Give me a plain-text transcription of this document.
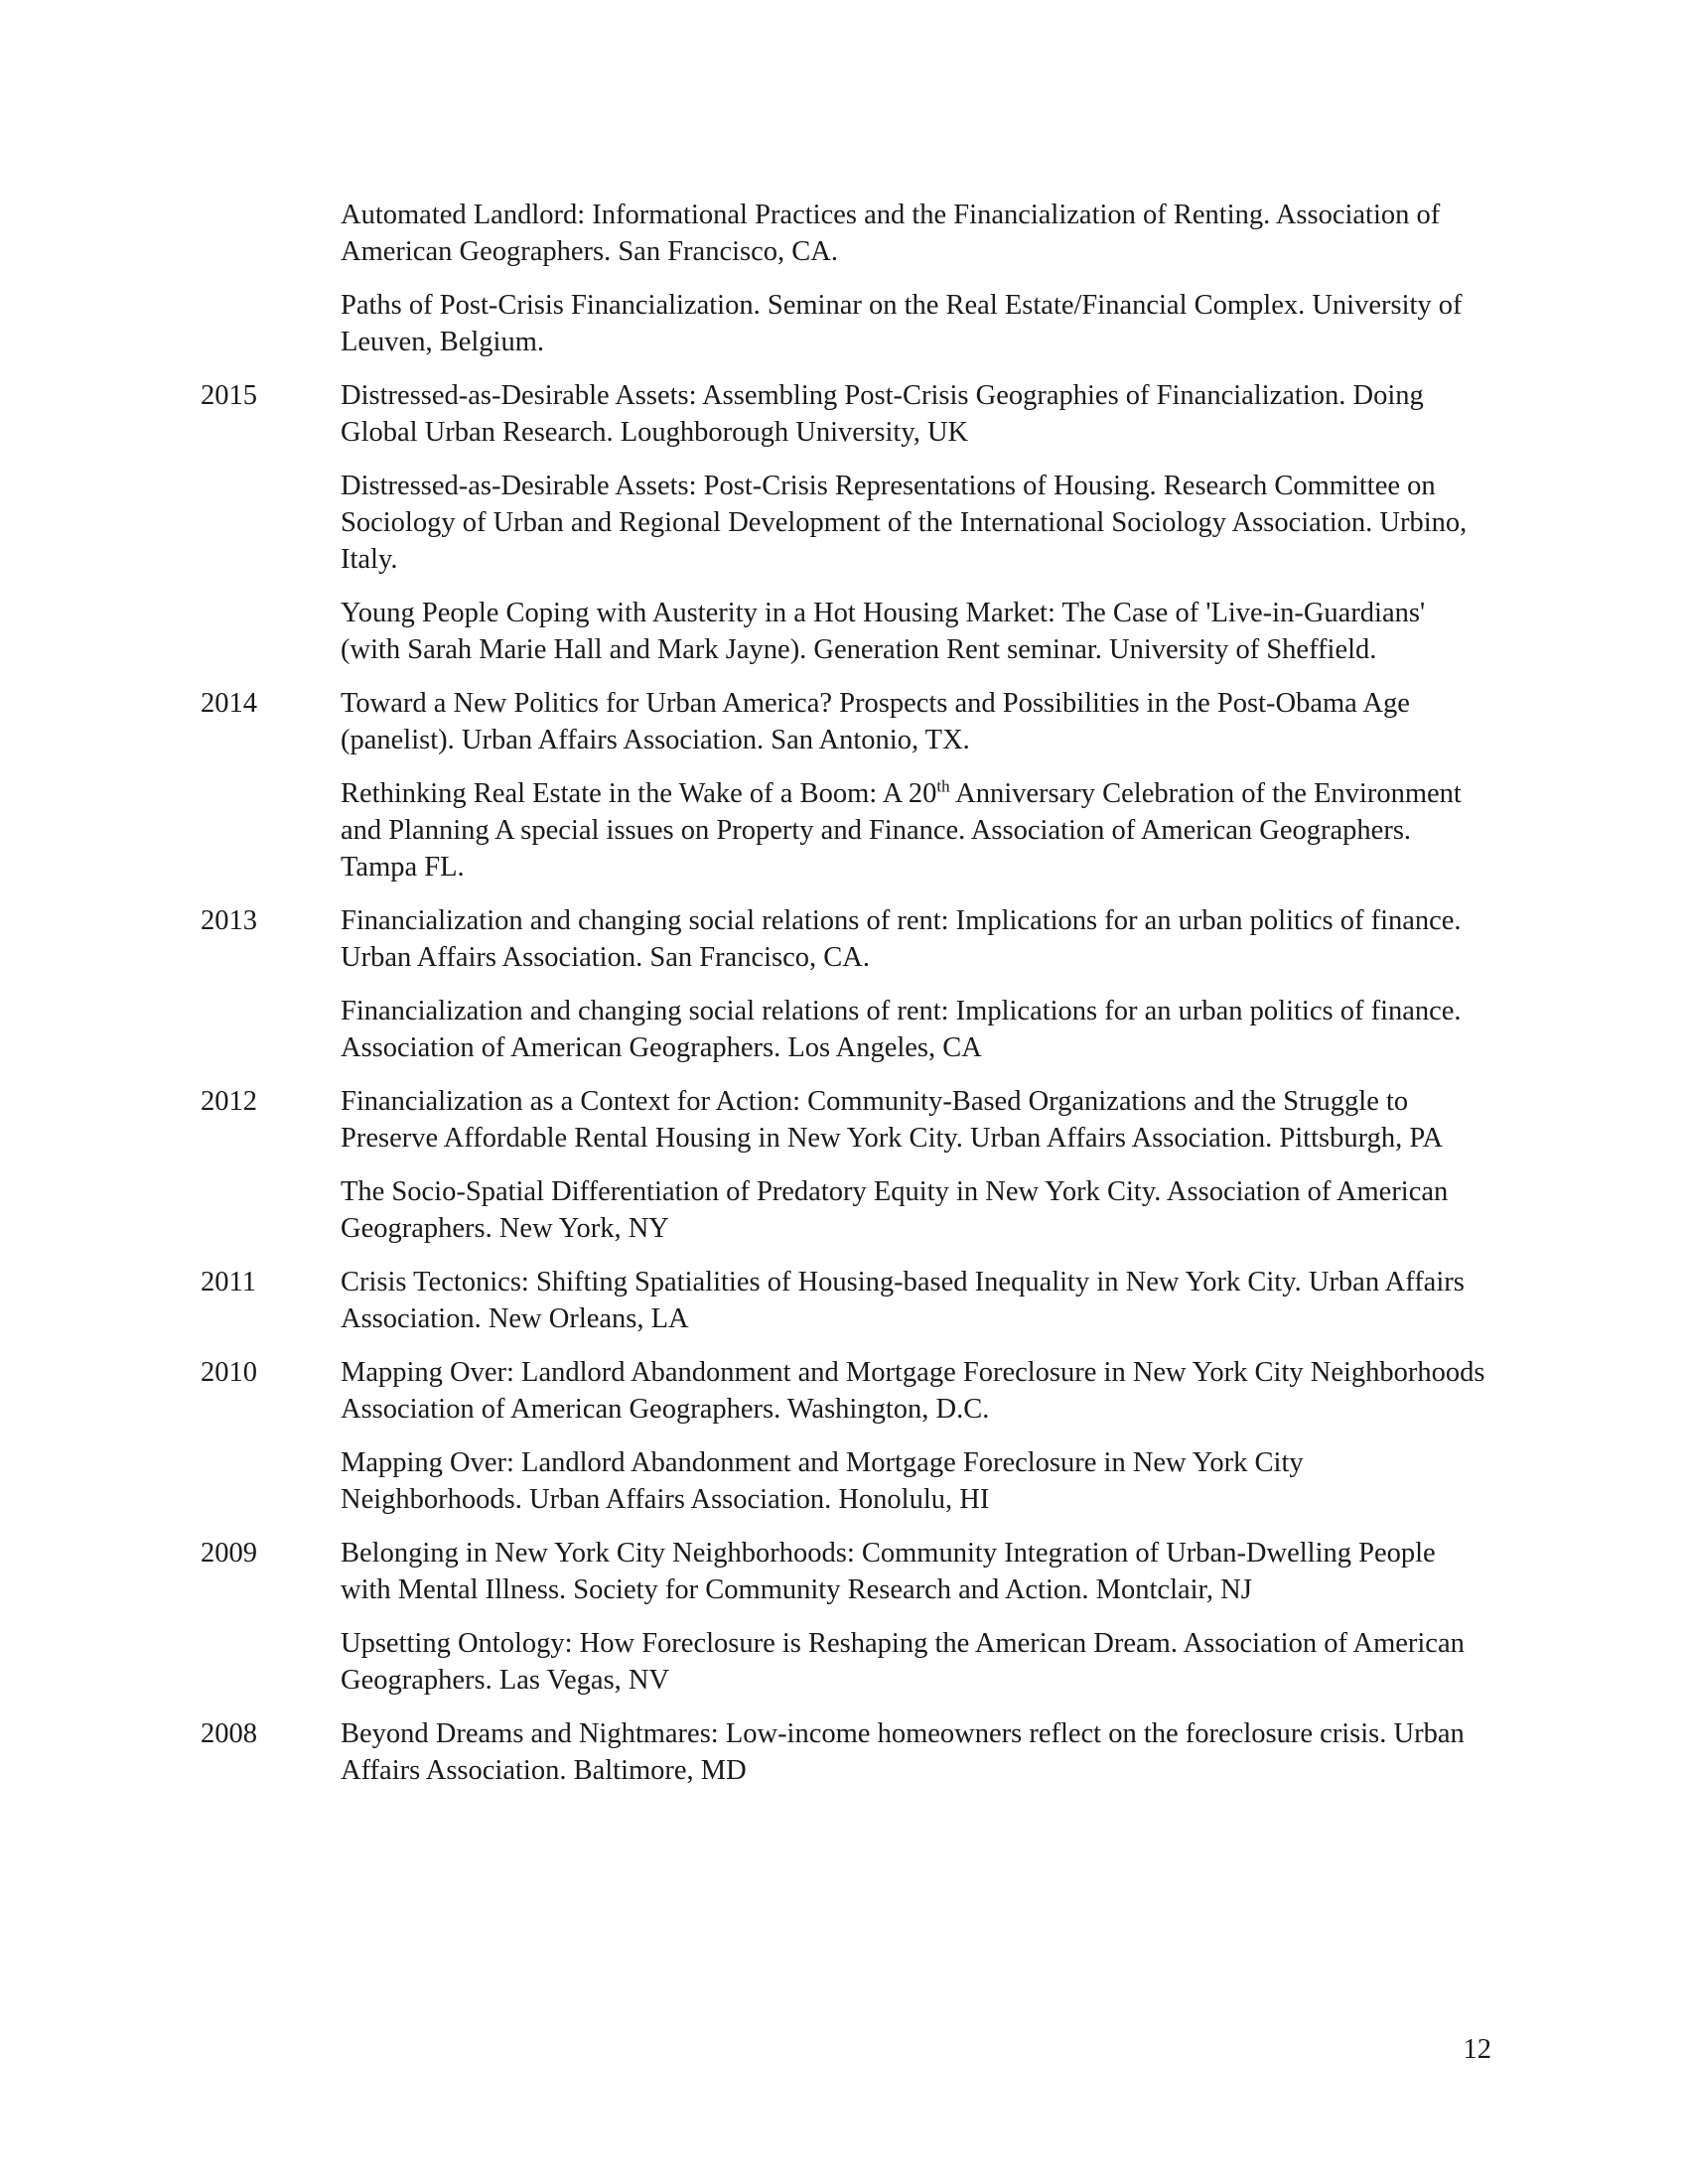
Automated Landlord: Informational Practices and the Financialization of Renting. Association of American Geographers. San Francisco, CA.
Paths of Post-Crisis Financialization. Seminar on the Real Estate/Financial Complex. University of Leuven, Belgium.
2015	Distressed-as-Desirable Assets: Assembling Post-Crisis Geographies of Financialization. Doing Global Urban Research. Loughborough University, UK
Distressed-as-Desirable Assets: Post-Crisis Representations of Housing. Research Committee on Sociology of Urban and Regional Development of the International Sociology Association. Urbino, Italy.
Young People Coping with Austerity in a Hot Housing Market: The Case of 'Live-in-Guardians' (with Sarah Marie Hall and Mark Jayne). Generation Rent seminar. University of Sheffield.
2014	Toward a New Politics for Urban America? Prospects and Possibilities in the Post-Obama Age (panelist). Urban Affairs Association. San Antonio, TX.
Rethinking Real Estate in the Wake of a Boom: A 20th Anniversary Celebration of the Environment and Planning A special issues on Property and Finance. Association of American Geographers. Tampa FL.
2013	Financialization and changing social relations of rent: Implications for an urban politics of finance. Urban Affairs Association. San Francisco, CA.
Financialization and changing social relations of rent: Implications for an urban politics of finance. Association of American Geographers. Los Angeles, CA
2012	Financialization as a Context for Action: Community-Based Organizations and the Struggle to Preserve Affordable Rental Housing in New York City. Urban Affairs Association. Pittsburgh, PA
The Socio-Spatial Differentiation of Predatory Equity in New York City. Association of American Geographers. New York, NY
2011	Crisis Tectonics: Shifting Spatialities of Housing-based Inequality in New York City. Urban Affairs Association. New Orleans, LA
2010	Mapping Over: Landlord Abandonment and Mortgage Foreclosure in New York City Neighborhoods Association of American Geographers. Washington, D.C.
Mapping Over: Landlord Abandonment and Mortgage Foreclosure in New York City Neighborhoods. Urban Affairs Association. Honolulu, HI
2009	Belonging in New York City Neighborhoods: Community Integration of Urban-Dwelling People with Mental Illness. Society for Community Research and Action. Montclair, NJ
Upsetting Ontology: How Foreclosure is Reshaping the American Dream. Association of American Geographers. Las Vegas, NV
2008	Beyond Dreams and Nightmares: Low-income homeowners reflect on the foreclosure crisis. Urban Affairs Association. Baltimore, MD
12
